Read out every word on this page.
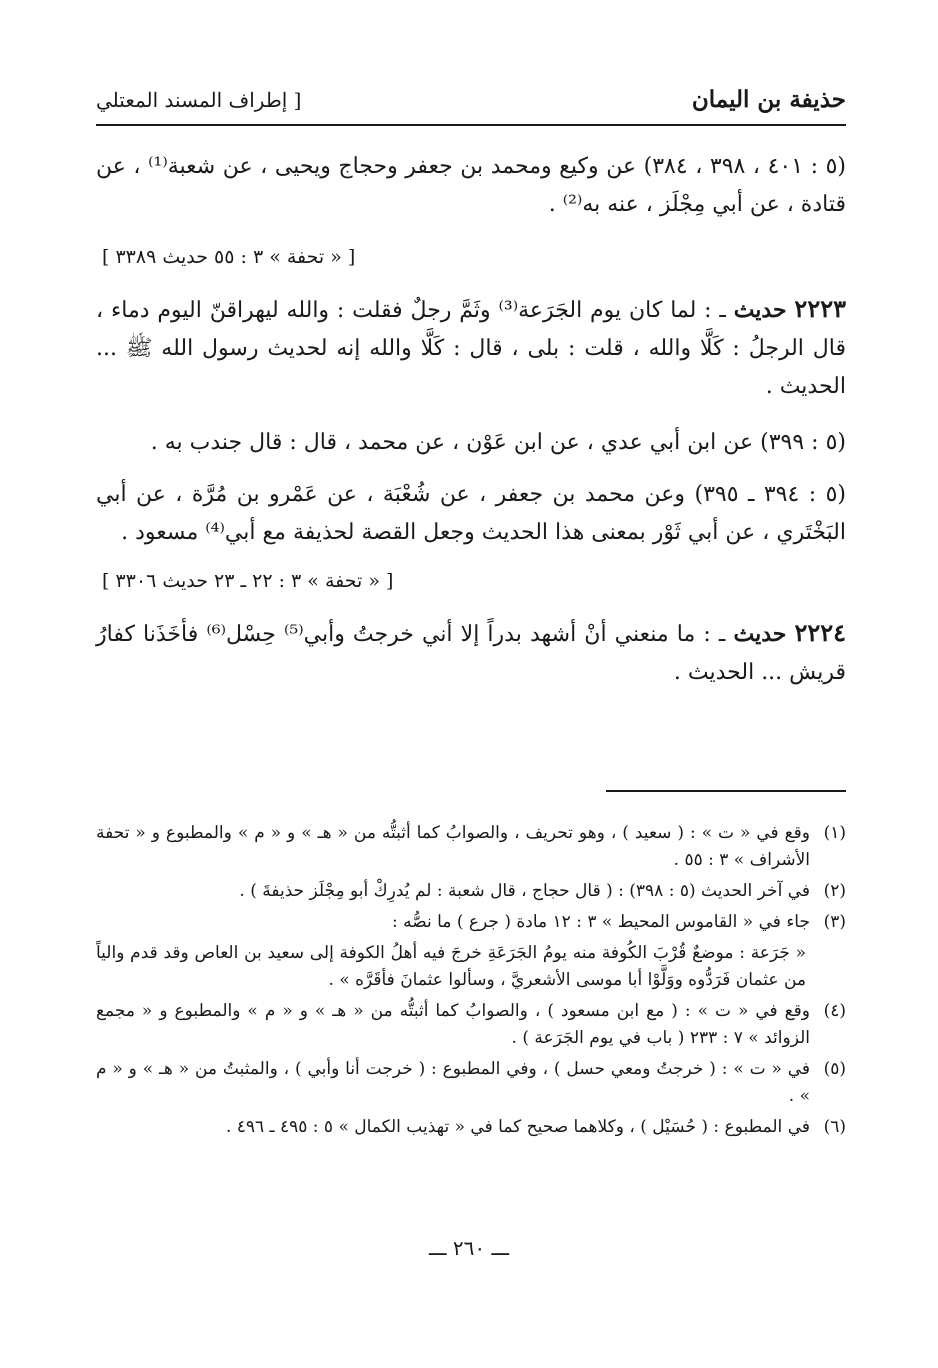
حذيفة بن اليمان
[ إطراف المسند المعتلي

(٥ : ٤٠١ ، ٣٩٨ ، ٣٨٤) عن وكيع ومحمد بن جعفر وحجاج ويحيى ، عن شعبة⁽¹⁾ ، عن قتادة ، عن أبي مِجْلَز ، عنه به⁽²⁾ .

[ « تحفة » ٣ : ٥٥ حديث ٣٣٨٩ ]

٢٢٢٣ حديث ـ : لما كان يوم الجَرَعة⁽³⁾ وثَمَّ رجلٌ فقلت : والله ليهراقنّ اليوم دماء ، قال الرجلُ : كَلَّا والله ، قلت : بلى ، قال : كَلَّا والله إنه لحديث رسول الله ﷺ ... الحديث .

(٥ : ٣٩٩) عن ابن أبي عدي ، عن ابن عَوْن ، عن محمد ، قال : قال جندب به .

(٥ : ٣٩٤ ـ ٣٩٥) وعن محمد بن جعفر ، عن شُعْبَة ، عن عَمْرو بن مُرَّة ، عن أبي البَخْتَري ، عن أبي ثَوْر بمعنى هذا الحديث وجعل القصة لحذيفة مع أبي⁽⁴⁾ مسعود .

[ « تحفة » ٣ : ٢٢ ـ ٢٣ حديث ٣٣٠٦ ]

٢٢٢٤ حديث ـ : ما منعني أنْ أشهد بدراً إلا أني خرجتُ وأبي⁽⁵⁾ حِسْل⁽⁶⁾ فأخَذَنا كفارُ قريش ... الحديث .

(١)
وقع في « ت » : ( سعيد ) ، وهو تحريف ، والصوابُ كما أثبتُّه من « هـ » و « م » والمطبوع و « تحفة الأشراف » ٣ : ٥٥ .
(٢)
في آخر الحديث (٥ : ٣٩٨) : ( قال حجاج ، قال شعبة : لم يُدرِكْ أبو مِجْلَز حذيفةَ ) .
(٣)
جاء في « القاموس المحيط » ٣ : ١٢ مادة ( جرع ) ما نصُّه :
« جَرَعة : موضعٌ قُرْبَ الكُوفة منه يومُ الجَرَعَةِ خرجَ فيه أهلُ الكوفة إلى سعيد بن العاص وقد قدم والياً من عثمان فَرَدُّوه ووَلَّوْا أبا موسى الأشعريَّ ، وسألوا عثمانَ فأقَرَّه » .
(٤)
وقع في « ت » : ( مع ابن مسعود ) ، والصوابُ كما أثبتُّه من « هـ » و « م » والمطبوع و « مجمع الزوائد » ٧ : ٢٣٣ ( باب في يوم الجَرَعة ) .
(٥)
في « ت » : ( خرجتُ ومعي حسل ) ، وفي المطبوع : ( خرجت أنا وأبي ) ، والمثبتُ من « هـ » و « م » .
(٦)
في المطبوع : ( حُسَيْل ) ، وكلاهما صحيح كما في « تهذيب الكمال » ٥ : ٤٩٥ ـ ٤٩٦ .
ـــ ٢٦٠ ـــ
